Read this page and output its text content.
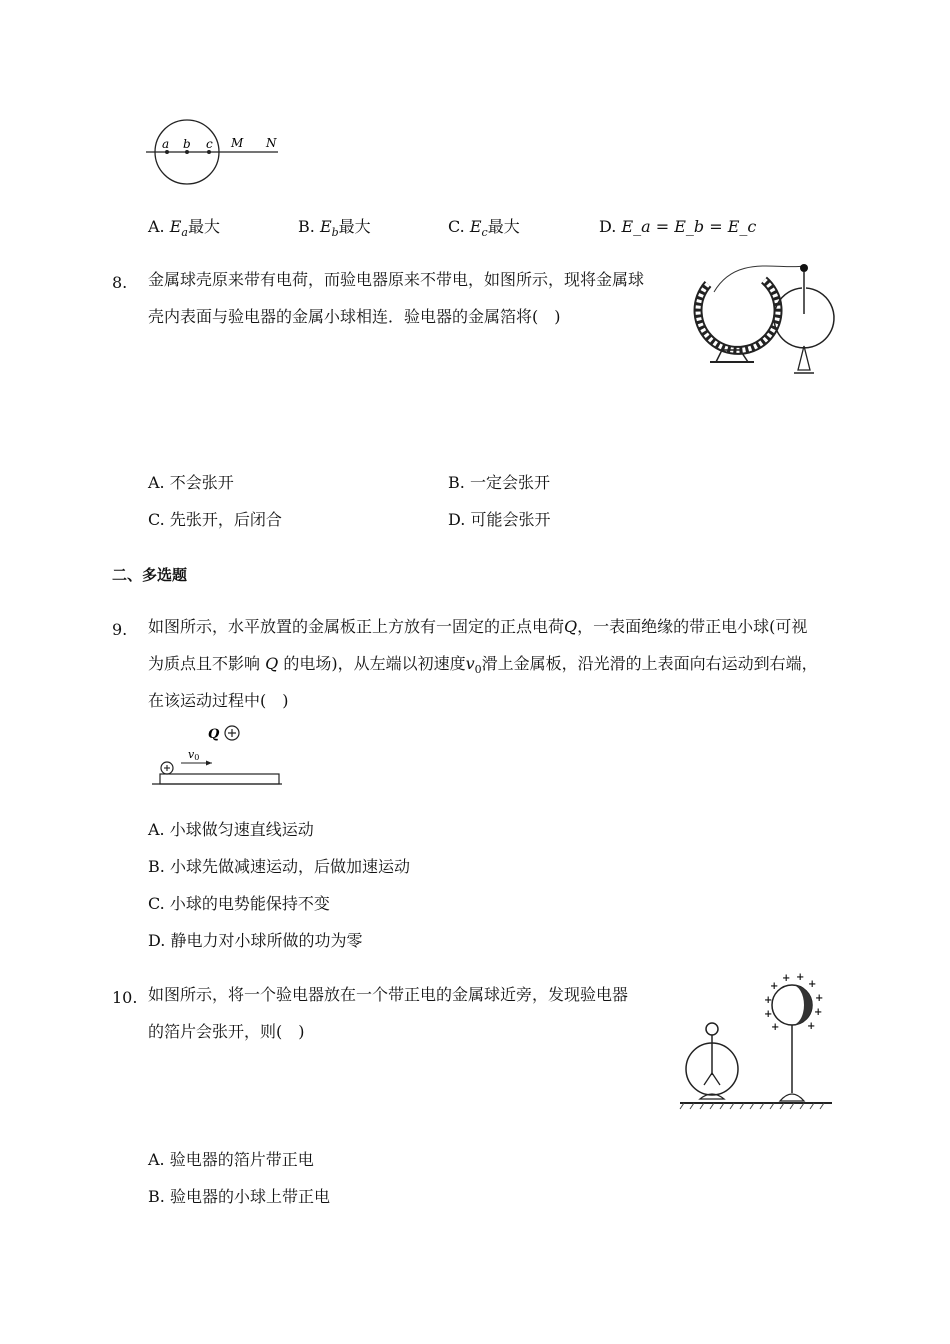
a b c M N
A. $E_a$最大	B. $E_b$最大	C. $E_c$最大	D. E_a = E_b = E_c
8. 金属球壳原来带有电荷，而验电器原来不带电，如图所示，现将金属球
壳内表面与验电器的金属小球相连．验电器的金属箔将(　)
A. 不会张开	B. 一定会张开
C. 先张开，后闭合	D. 可能会张开
二、多选题
9. 如图所示，水平放置的金属板正上方放有一固定的正点电荷Q，一表面绝缘的带正电小球(可视
为质点且不影响 Q 的电场)，从左端以初速度$v_0$滑上金属板，沿光滑的上表面向右运动到右端，
在该运动过程中(　)
Q
v0
A. 小球做匀速直线运动
B. 小球先做减速运动，后做加速运动
C. 小球的电势能保持不变
D. 静电力对小球所做的功为零
10. 如图所示，将一个验电器放在一个带正电的金属球近旁，发现验电器
的箔片会张开，则(　)
+
+ +
+
+
+
+
+
+
+
A. 验电器的箔片带正电
B. 验电器的小球上带正电
